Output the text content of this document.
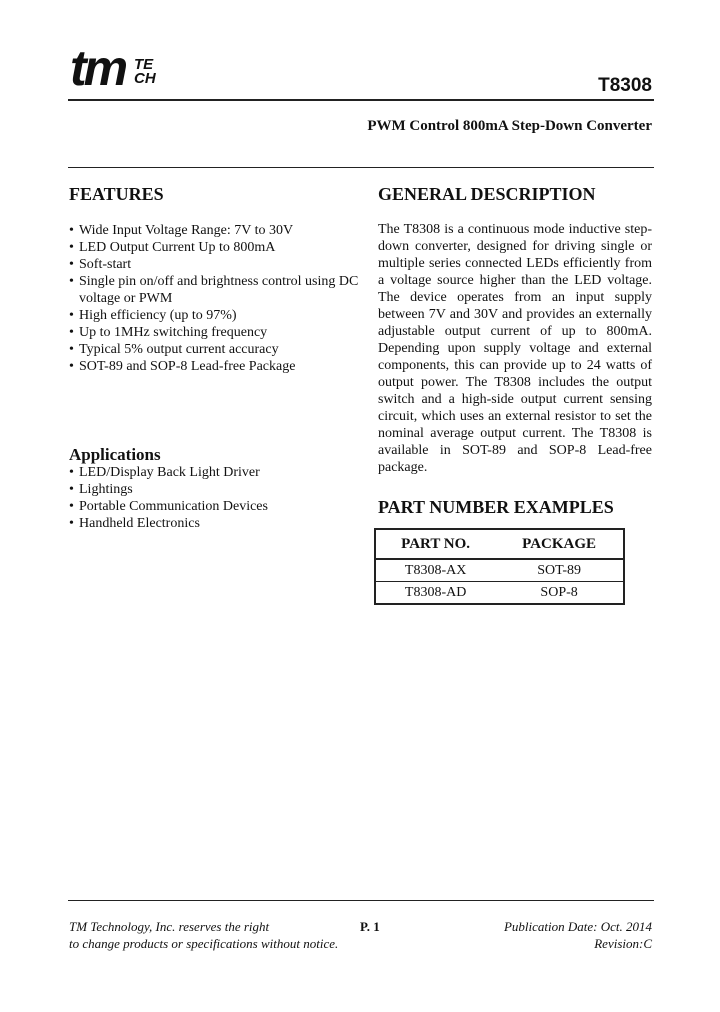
tm TE
CH	T8308
PWM Control 800mA Step-Down Converter
FEATURES
• Wide Input Voltage Range: 7V to 30V
• LED Output Current Up to 800mA
• Soft-start
• Single pin on/off and brightness control using DC voltage or PWM
• High efficiency (up to 97%)
• Up to 1MHz switching frequency
• Typical 5% output current accuracy
• SOT-89 and SOP-8 Lead-free Package
Applications
• LED/Display Back Light Driver
• Lightings
• Portable Communication Devices
• Handheld Electronics
GENERAL DESCRIPTION

The T8308 is a continuous mode inductive step-down converter, designed for driving single or multiple series connected LEDs efficiently from a voltage source higher than the LED voltage. The device operates from an input supply between 7V and 30V and provides an externally adjustable output current of up to 800mA. Depending upon supply voltage and external components, this can provide up to 24 watts of output power. The T8308 includes the output switch and a high-side output current sensing circuit, which uses an external resistor to set the nominal average output current. The T8308 is available in SOT-89 and SOP-8 Lead-free package.

PART NUMBER EXAMPLES
PART NO.	PACKAGE
T8308-AX	SOT-89
T8308-AD	SOP-8
TM Technology, Inc. reserves the right
to change products or specifications without notice.
P. 1	Publication Date: Oct. 2014
Revision:C
